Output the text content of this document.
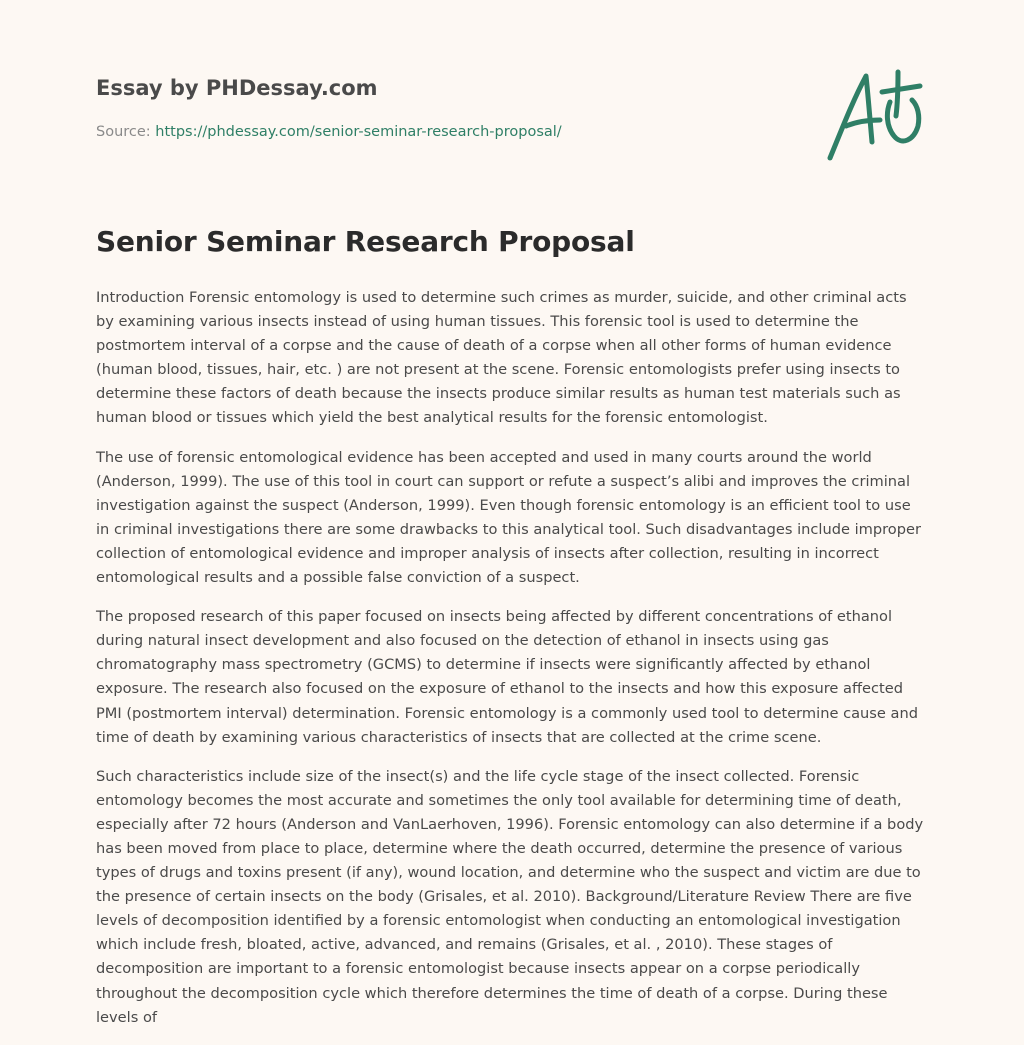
Essay by PHDessay.com
Source: https://phdessay.com/senior-seminar-research-proposal/
Senior Seminar Research Proposal

Introduction Forensic entomology is used to determine such crimes as murder, suicide, and other criminal acts by examining various insects instead of using human tissues. This forensic tool is used to determine the postmortem interval of a corpse and the cause of death of a corpse when all other forms of human evidence (human blood, tissues, hair, etc. ) are not present at the scene. Forensic entomologists prefer using insects to determine these factors of death because the insects produce similar results as human test materials such as human blood or tissues which yield the best analytical results for the forensic entomologist.

The use of forensic entomological evidence has been accepted and used in many courts around the world (Anderson, 1999). The use of this tool in court can support or refute a suspect’s alibi and improves the criminal investigation against the suspect (Anderson, 1999). Even though forensic entomology is an efficient tool to use in criminal investigations there are some drawbacks to this analytical tool. Such disadvantages include improper collection of entomological evidence and improper analysis of insects after collection, resulting in incorrect entomological results and a possible false conviction of a suspect.

The proposed research of this paper focused on insects being affected by different concentrations of ethanol during natural insect development and also focused on the detection of ethanol in insects using gas chromatography mass spectrometry (GCMS) to determine if insects were significantly affected by ethanol exposure. The research also focused on the exposure of ethanol to the insects and how this exposure affected PMI (postmortem interval) determination. Forensic entomology is a commonly used tool to determine cause and time of death by examining various characteristics of insects that are collected at the crime scene.

Such characteristics include size of the insect(s) and the life cycle stage of the insect collected. Forensic entomology becomes the most accurate and sometimes the only tool available for determining time of death, especially after 72 hours (Anderson and VanLaerhoven, 1996). Forensic entomology can also determine if a body has been moved from place to place, determine where the death occurred, determine the presence of various types of drugs and toxins present (if any), wound location, and determine who the suspect and victim are due to the presence of certain insects on the body (Grisales, et al. 2010). Background/Literature Review There are five levels of decomposition identified by a forensic entomologist when conducting an entomological investigation which include fresh, bloated, active, advanced, and remains (Grisales, et al. , 2010). These stages of decomposition are important to a forensic entomologist because insects appear on a corpse periodically throughout the decomposition cycle which therefore determines the time of death of a corpse. During these levels of
